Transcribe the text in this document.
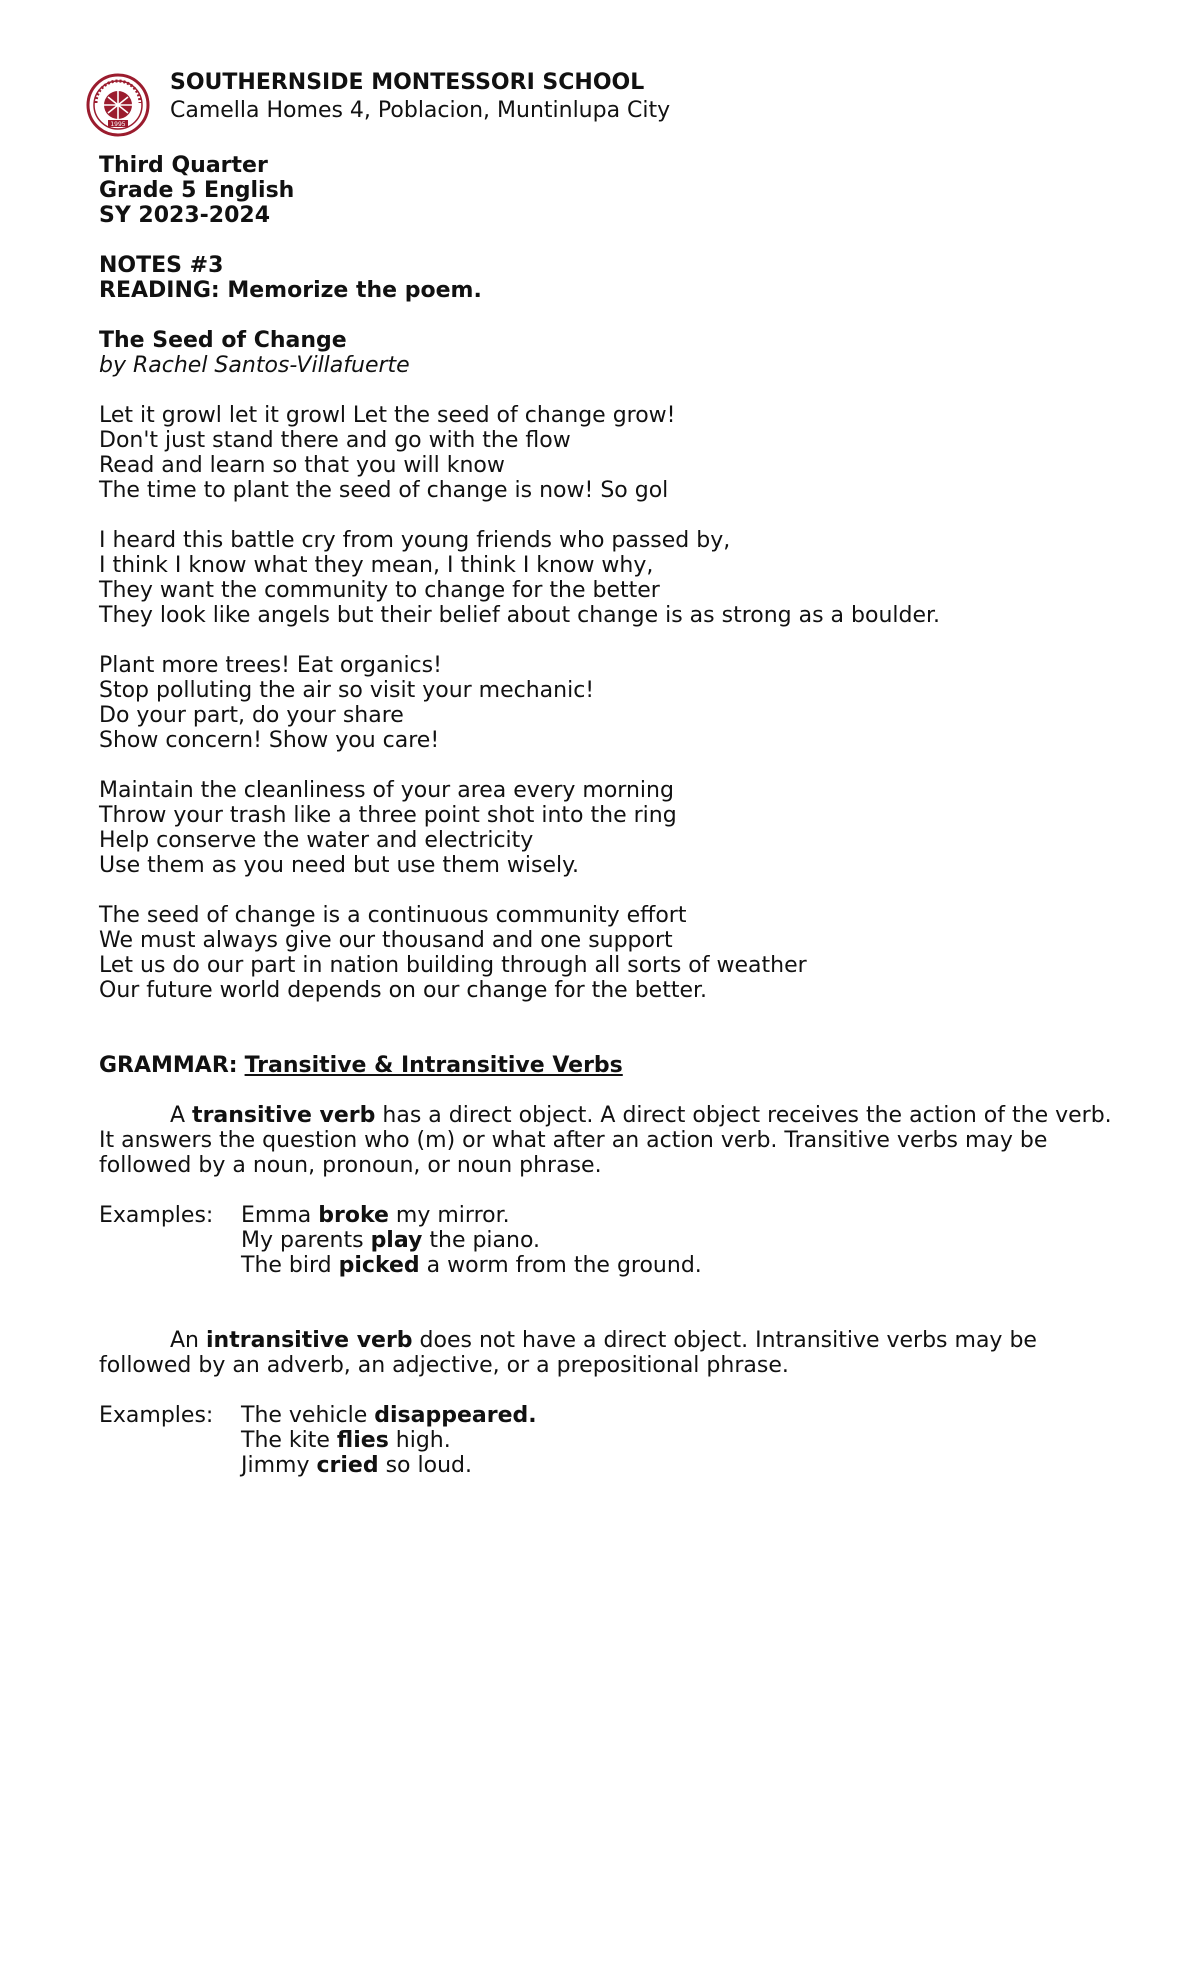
1995
SOUTHERNSIDE MONTESSORI SCHOOL
Camella Homes 4, Poblacion, Muntinlupa City
Third Quarter
Grade 5 English
SY 2023-2024
NOTES #3
READING: Memorize the poem.
The Seed of Change
by Rachel Santos-Villafuerte
Let it growl let it growl Let the seed of change grow!
Don't just stand there and go with the flow
Read and learn so that you will know
The time to plant the seed of change is now! So gol
I heard this battle cry from young friends who passed by,
I think I know what they mean, I think I know why,
They want the community to change for the better
They look like angels but their belief about change is as strong as a boulder.
Plant more trees! Eat organics!
Stop polluting the air so visit your mechanic!
Do your part, do your share
Show concern! Show you care!
Maintain the cleanliness of your area every morning
Throw your trash like a three point shot into the ring
Help conserve the water and electricity
Use them as you need but use them wisely.
The seed of change is a continuous community effort
We must always give our thousand and one support
Let us do our part in nation building through all sorts of weather
Our future world depends on our change for the better.
GRAMMAR: Transitive & Intransitive Verbs
A transitive verb has a direct object. A direct object receives the action of the verb. It answers the question who (m) or what after an action verb. Transitive verbs may be followed by a noun, pronoun, or noun phrase.
Examples:	Emma broke my mirror.
My parents play the piano.
The bird picked a worm from the ground.
An intransitive verb does not have a direct object. Intransitive verbs may be followed by an adverb, an adjective, or a prepositional phrase.
Examples:	The vehicle disappeared.
The kite flies high.
Jimmy cried so loud.
